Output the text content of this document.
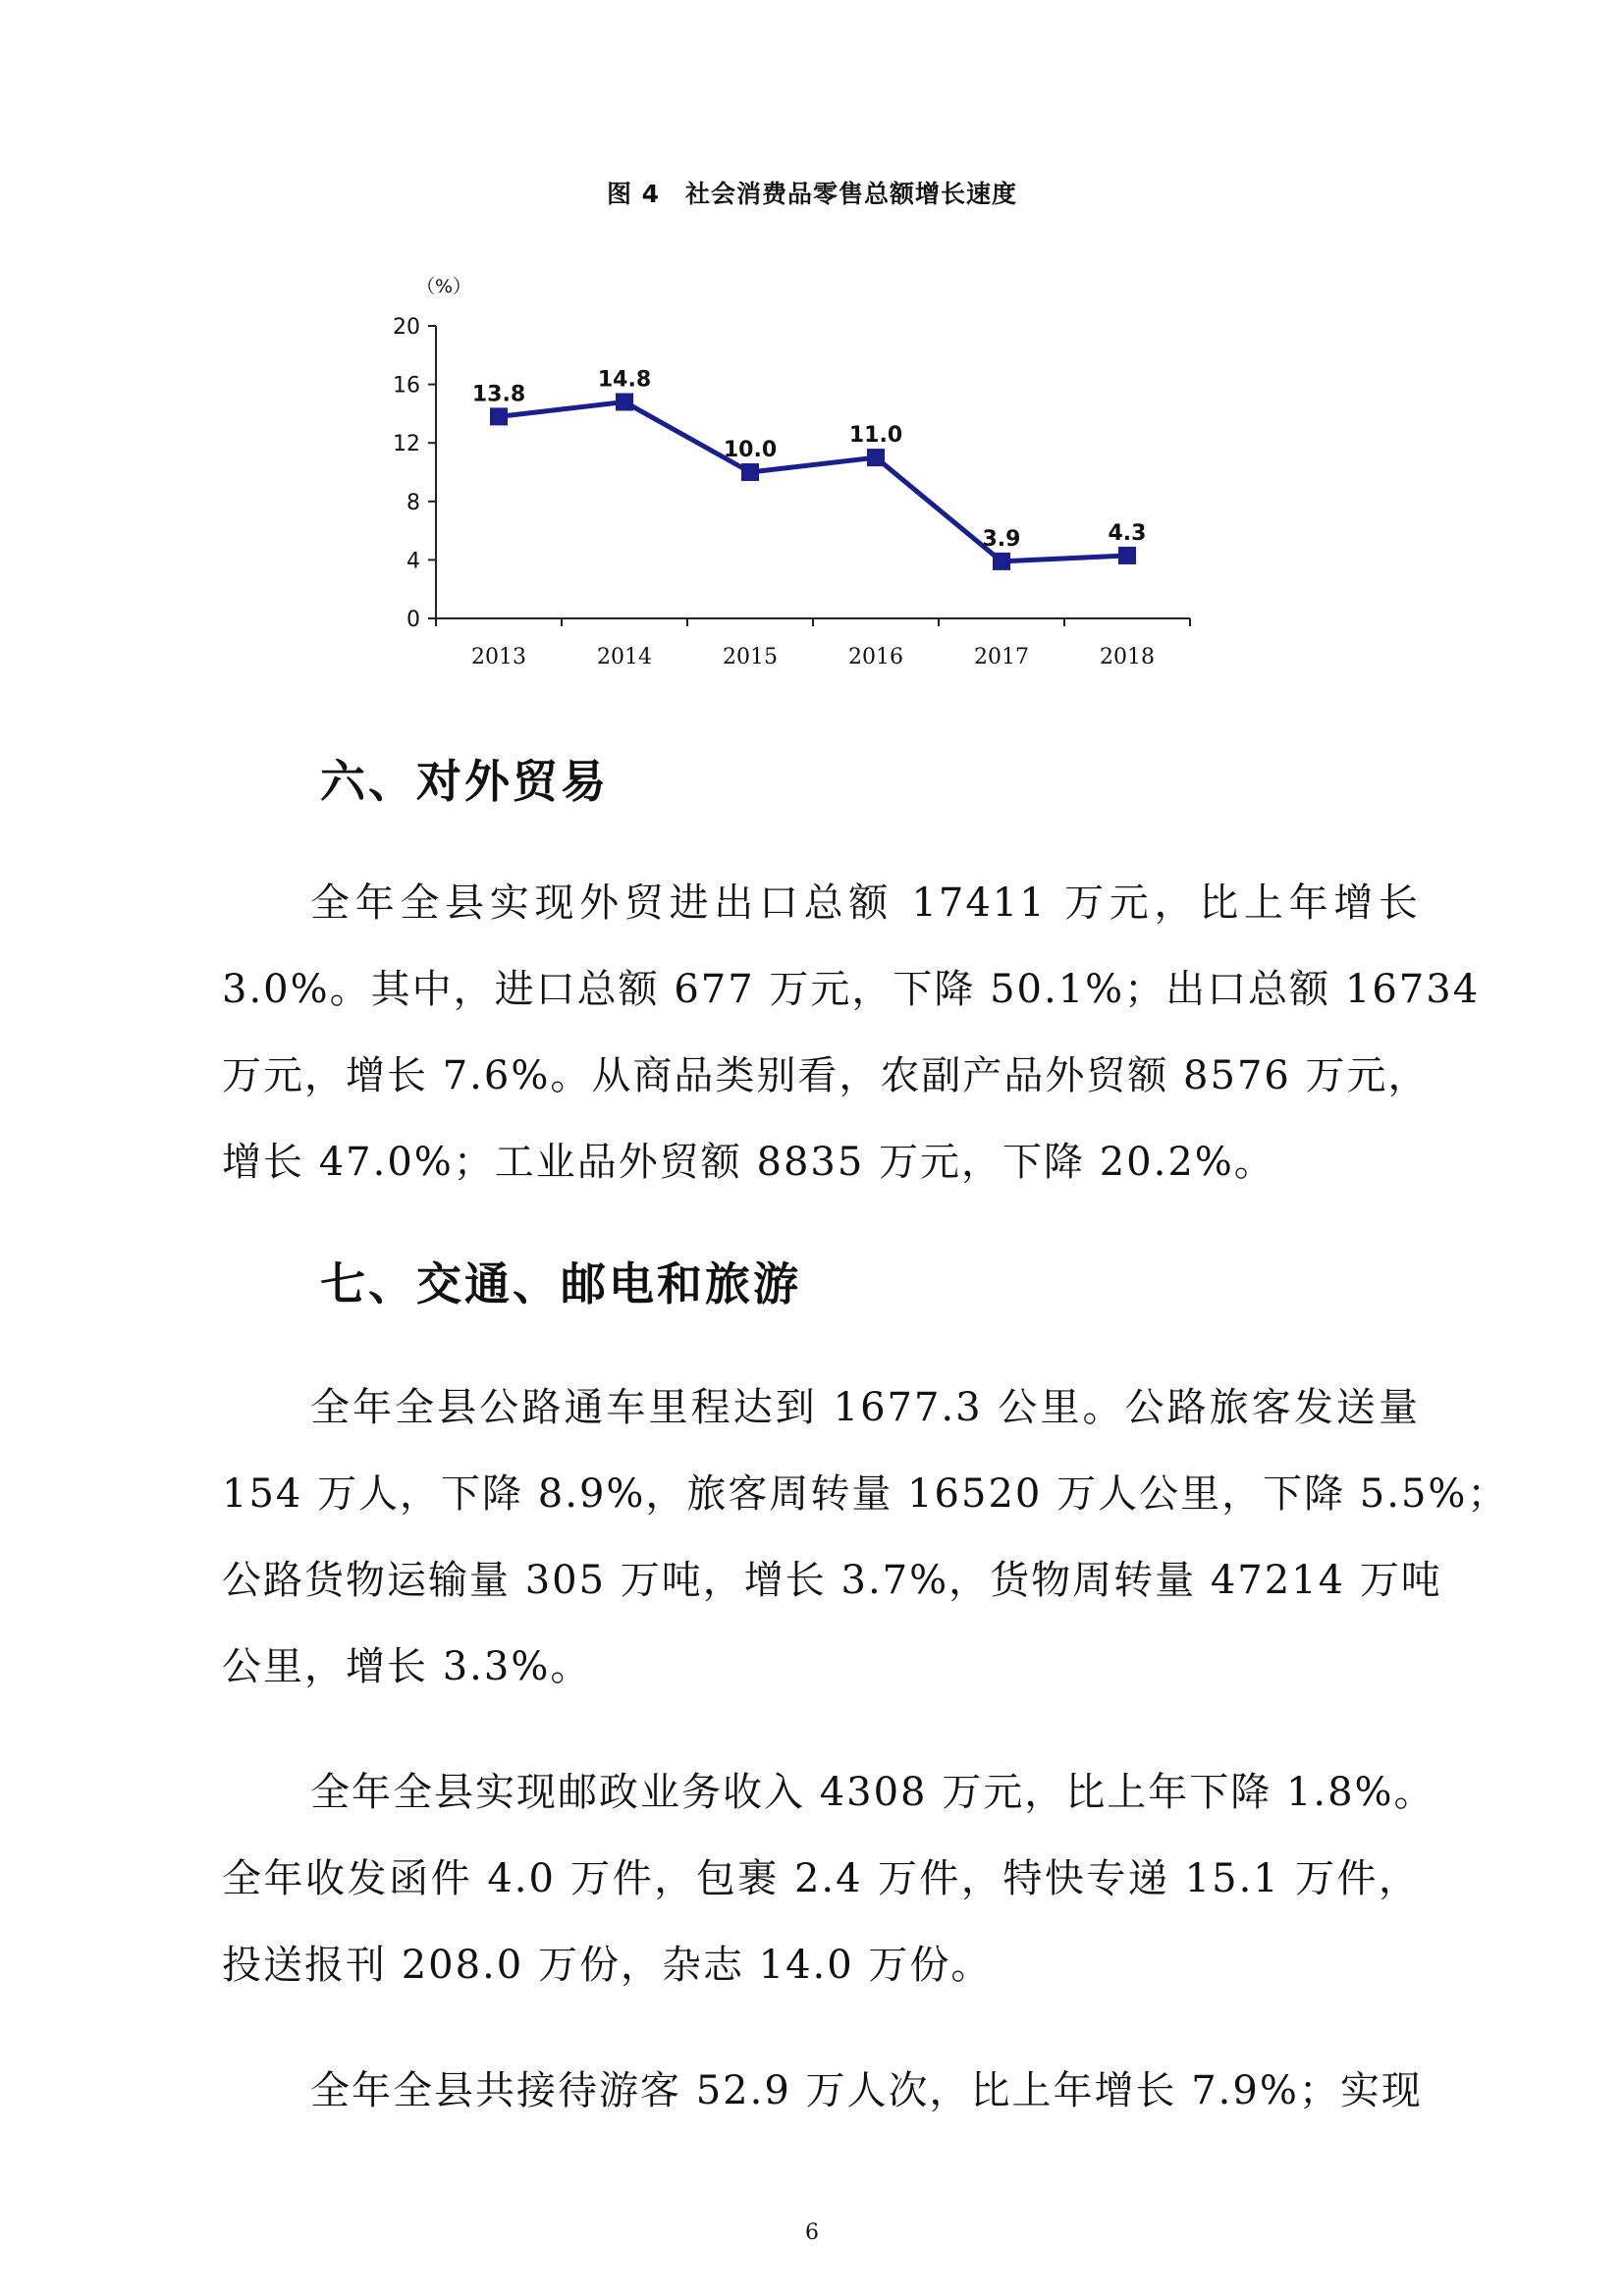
图 4　社会消费品零售总额增长速度
（%）
0
4
8
12
16
20
2013	2014	2015	2016	2017	2018
13.8
14.8
10.0
11.0
3.9	4.3
六、对外贸易
全年全县实现外贸进出口总额 17411 万元，比上年增长
3.0%。其中，进口总额 677 万元，下降 50.1%；出口总额 16734
万元，增长 7.6%。从商品类别看，农副产品外贸额 8576 万元，
增长 47.0%；工业品外贸额 8835 万元，下降 20.2%。
七、交通、邮电和旅游
全年全县公路通车里程达到 1677.3 公里。公路旅客发送量
154 万人，下降 8.9%，旅客周转量 16520 万人公里，下降 5.5%；
公路货物运输量 305 万吨，增长 3.7%，货物周转量 47214 万吨
公里，增长 3.3%。
全年全县实现邮政业务收入 4308 万元，比上年下降 1.8%。
全年收发函件 4.0 万件，包裹 2.4 万件，特快专递 15.1 万件，
投送报刊 208.0 万份，杂志 14.0 万份。
全年全县共接待游客 52.9 万人次，比上年增长 7.9%；实现
6
